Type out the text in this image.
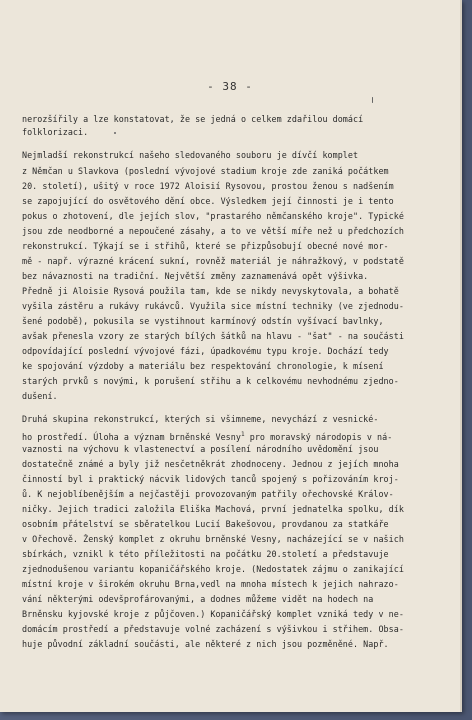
- 38 -
nerozšířily a lze konstatovat, že se jedná o celkem zdařilou domácí
folklorizaci.
Nejmladší rekonstrukcí našeho sledovaného souboru je dívčí komplet
z Němčan u Slavkova (poslední vývojové stadium kroje zde zaniká počátkem
20. století), ušitý v roce 1972 Aloisií Rysovou, prostou ženou s nadšením
se zapojující do osvětového dění obce. Výsledkem její činnosti je i tento
pokus o zhotovení, dle jejích slov, "prastarého němčanského kroje". Typické
jsou zde neodborné a nepoučené zásahy, a to ve větší míře než u předchozích
rekonstrukcí. Týkají se i střihů, které se přizpůsobují obecné nové mor-
mě - např. výrazné krácení sukní, rovněž materiál je náhražkový, v podstatě
bez návaznosti na tradiční. Největší změny zaznamenává opět výšivka.
Předně ji Aloisie Rysová použila tam, kde se nikdy nevyskytovala, a bohatě
vyšila zástěru a rukávy rukávců. Využila sice místní techniky (ve zjednodu-
šené podobě), pokusila se vystihnout karmínový odstín vyšívací bavlnky,
avšak přenesla vzory ze starých bílých šátků na hlavu - "šat" - na součásti
odpovídající poslední vývojové fázi, úpadkovému typu kroje. Dochází tedy
ke spojování výzdoby a materiálu bez respektování chronologie, k mísení
starých prvků s novými, k porušení střihu a k celkovému nevhodnému zjedno-
dušení.
Druhá skupina rekonstrukcí, kterých si všimneme, nevychází z vesnické-
ho prostředí. Úloha a význam brněnské Vesny$^1$ pro moravský národopis v ná-
vaznosti na výchovu k vlastenectví a posílení národního uvědomění jsou
dostatečně známé a byly již nesčetněkrát zhodnoceny. Jednou z jejích mnoha
činností byl i praktický nácvik lidových tanců spojený s pořizováním kroj-
ů. K nejoblíbenějším a nejčastěji provozovaným patřily ořechovské Králov-
ničky. Jejich tradici založila Eliška Machová, první jednatelka spolku, dík
osobním přátelství se sběratelkou Lucií Bakešovou, provdanou za statkáře
v Ořechově. Ženský komplet z okruhu brněnské Vesny, nacházející se v našich
sbírkách, vznikl k této příležitosti na počátku 20.století a představuje
zjednodušenou variantu kopaničářského kroje. (Nedostatek zájmu o zanikající
místní kroje v širokém okruhu Brna,vedl na mnoha místech k jejich nahrazo-
vání některými odevšprofárovanými, a dodnes můžeme vidět na hodech na
Brněnsku kyjovské kroje z půjčoven.) Kopaničářský komplet vzniká tedy v ne-
domácím prostředí a představuje volné zacházení s výšivkou i střihem. Obsa-
huje původní základní součásti, ale některé z nich jsou pozměněné. Např.
